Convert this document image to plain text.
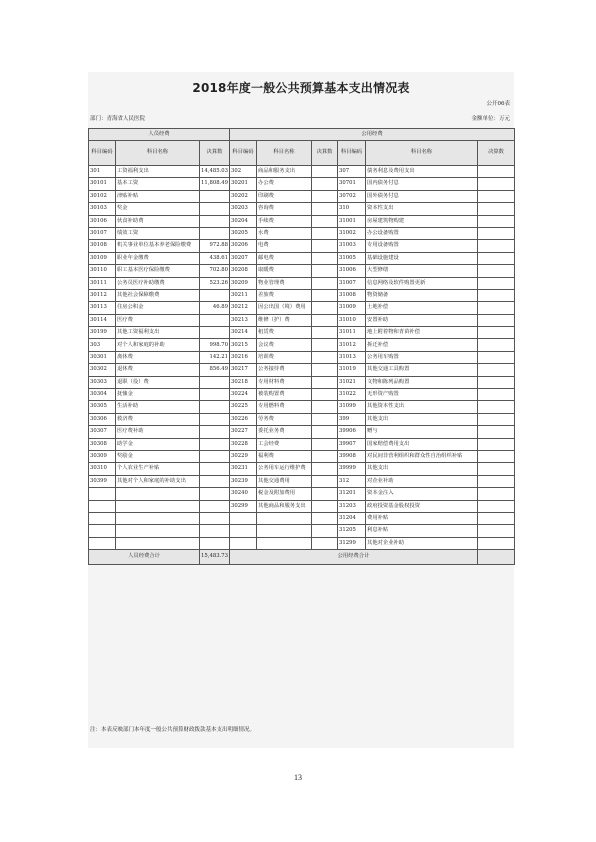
2018年度一般公共预算基本支出情况表
公开06表
部门：青海省人民医院	金额单位：万元
人员经费			公用经费					
科目编码	科目名称	决算数	科目编码	科目名称	决算数	科目编码	科目名称	决算数
301	工资福利支出	14,485.03	302	商品和服务支出		307	债务利息及费用支出	
30101	基本工资	11,808.49	30201	办公费		30701	国内债务付息	
30102	津贴补贴		30202	印刷费		30702	国外债务付息	
30103	奖金		30203	咨询费		310	资本性支出	
30106	伙食补助费		30204	手续费		31001	房屋建筑物购建	
30107	绩效工资		30205	水费		31002	办公设备购置	
30108	机关事业单位基本养老保险缴费	972.88	30206	电费		31003	专用设备购置	
30109	职业年金缴费	438.61	30207	邮电费		31005	基础设施建设	
30110	职工基本医疗保险缴费	702.80	30208	取暖费		31006	大型修缮	
30111	公务员医疗补助缴费	523.26	30209	物业管理费		31007	信息网络及软件购置更新	
30112	其他社会保障缴费		30211	差旅费		31008	物资储备	
30113	住房公积金	46.89	30212	因公出国（境）费用		31009	土地补偿	
30114	医疗费		30213	维修（护）费		31010	安置补助	
30199	其他工资福利支出		30214	租赁费		31011	地上附着物和青苗补偿	
303	对个人和家庭的补助	998.70	30215	会议费		31012	拆迁补偿	
30301	离休费	142.21	30216	培训费		31013	公务用车购置	
30302	退休费	856.49	30217	公务接待费		31019	其他交通工具购置	
30303	退职（役）费		30218	专用材料费		31021	文物和陈列品购置	
30304	抚恤金		30224	被装购置费		31022	无形资产购置	
30305	生活补助		30225	专用燃料费		31099	其他资本性支出	
30306	救济费		30226	劳务费		399	其他支出	
30307	医疗费补助		30227	委托业务费		39906	赠与	
30308	助学金		30228	工会经费		39907	国家赔偿费用支出	
30309	奖励金		30229	福利费		39908	对民间非营利组织和群众性自治组织补贴	
30310	个人农业生产补贴		30231	公务用车运行维护费		39999	其他支出	
30399	其他对个人和家庭的补助支出		30239	其他交通费用		312	对企业补助	
			30240	税金及附加费用		31201	资本金注入	
			30299	其他商品和服务支出		31203	政府投资基金股权投资	
						31204	费用补贴	
						31205	利息补贴	
						31299	其他对企业补助	
人员经费合计		15,483.73	公用经费合计					
注：本表反映部门本年度一般公共预算财政拨款基本支出明细情况。
13
